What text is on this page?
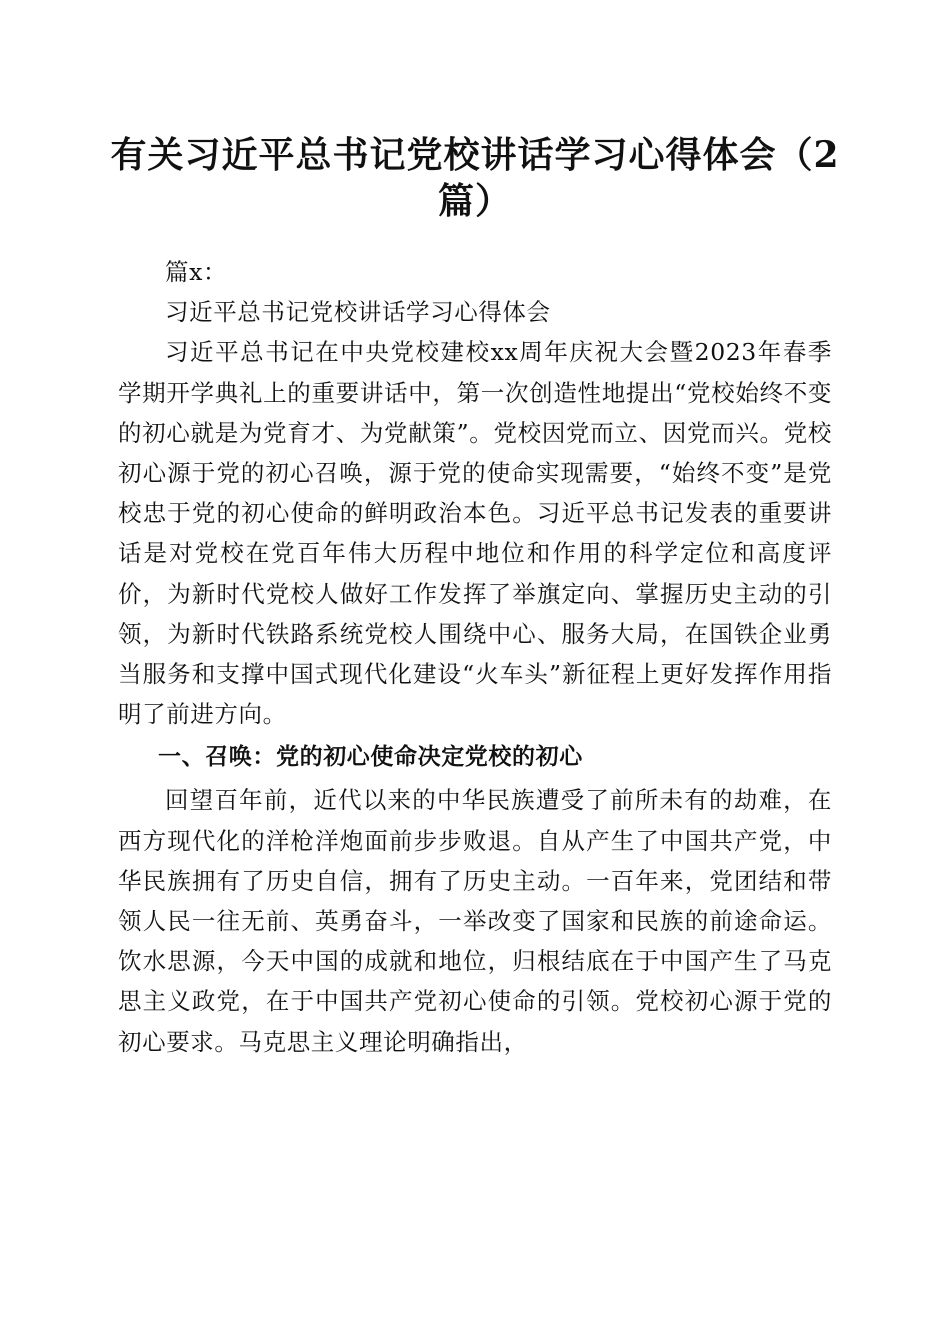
有关习近平总书记党校讲话学习心得体会（2篇）

篇x：

习近平总书记党校讲话学习心得体会

习近平总书记在中央党校建校xx周年庆祝大会暨2023年春季学期开学典礼上的重要讲话中，第一次创造性地提出“党校始终不变的初心就是为党育才、为党献策”。党校因党而立、因党而兴。党校初心源于党的初心召唤，源于党的使命实现需要，“始终不变”是党校忠于党的初心使命的鲜明政治本色。习近平总书记发表的重要讲话是对党校在党百年伟大历程中地位和作用的科学定位和高度评价，为新时代党校人做好工作发挥了举旗定向、掌握历史主动的引领，为新时代铁路系统党校人围绕中心、服务大局，在国铁企业勇当服务和支撑中国式现代化建设“火车头”新征程上更好发挥作用指明了前进方向。

一、召唤：党的初心使命决定党校的初心

回望百年前，近代以来的中华民族遭受了前所未有的劫难，在西方现代化的洋枪洋炮面前步步败退。自从产生了中国共产党，中华民族拥有了历史自信，拥有了历史主动。一百年来，党团结和带领人民一往无前、英勇奋斗，一举改变了国家和民族的前途命运。饮水思源，今天中国的成就和地位，归根结底在于中国产生了马克思主义政党，在于中国共产党初心使命的引领。党校初心源于党的初心要求。马克思主义理论明确指出，
